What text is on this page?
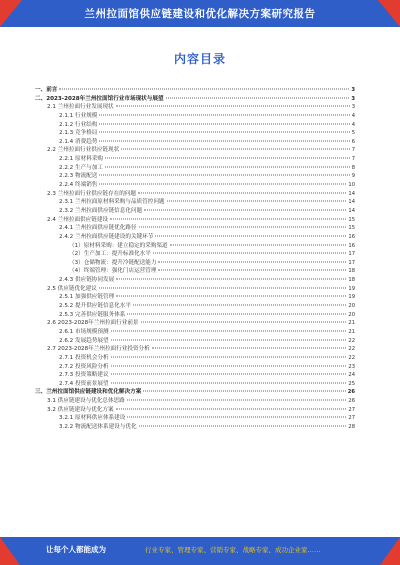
兰州拉面馆供应链建设和优化解决方案研究报告
内容目录
一、前言	3
二、2023-2028年兰州拉面馆行业市场现状与展望	3
2.1 兰州拉面行业发展现状	3
2.1.1 行业规模	4
2.1.2 行业结构	4
2.1.3 竞争格局	5
2.1.4 消费趋势	6
2.2 兰州拉面行业供应链现状	7
2.2.1 原材料采购	7
2.2.2 生产与加工	8
2.2.3 物流配送	9
2.2.4 终端销售	10
2.3 兰州拉面行业供应链存在的问题	14
2.3.1 兰州拉面原材料采购与品质管控问题	14
2.3.2 兰州拉面供应链信息化问题	14
2.4 兰州拉面供应链建设	15
2.4.1 兰州拉面供应链优化路径	15
2.4.2 兰州拉面供应链建设的关键环节	16
（1）原材料采购：建立稳定的采购渠道	16
（2）生产加工：提升标准化水平	17
（3）仓储物流：提升冷链配送能力	17
（4）终端管理：强化门店运营管理	18
2.4.3 供应链协同发展	18
2.5 供应链优化建议	19
2.5.1 加强供应链管理	19
2.5.2 提升供应链信息化水平	20
2.5.3 完善供应链服务体系	20
2.6 2023-2028年兰州拉面行业前景	21
2.6.1 市场规模预测	21
2.6.2 发展趋势展望	22
2.7 2023-2028年兰州拉面行业投资分析	22
2.7.1 投资机会分析	22
2.7.2 投资风险分析	23
2.7.3 投资策略建议	24
2.7.4 投资前景展望	25
三、兰州拉面馆供应链建设和优化解决方案	26
3.1 供应链建设与优化总体思路	26
3.2 供应链建设与优化方案	27
3.2.1 原材料供应体系建设	27
3.2.2 物流配送体系建设与优化	28
让每个人都能成为	行业专家、管理专家、营销专家、战略专家、成功企业家……
